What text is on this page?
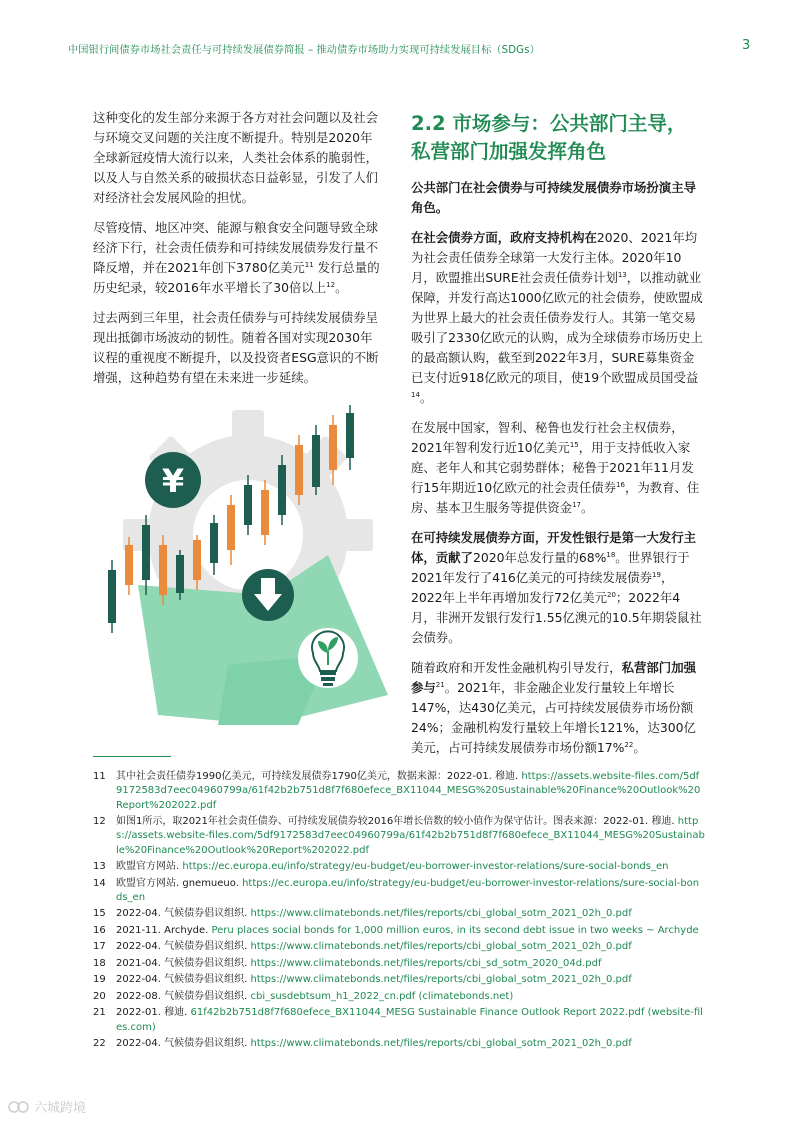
中国银行间债券市场社会责任与可持续发展债券简报 – 推动债券市场助力实现可持续发展目标（SDGs）	3

这种变化的发生部分来源于各方对社会问题以及社会与环境交叉问题的关注度不断提升。特别是2020年全球新冠疫情大流行以来，人类社会体系的脆弱性，以及人与自然关系的破损状态日益彰显，引发了人们对经济社会发展风险的担忧。

尽管疫情、地区冲突、能源与粮食安全问题导致全球经济下行，社会责任债券和可持续发展债券发行量不降反增，并在2021年创下3780亿美元$^{11}$ 发行总量的历史纪录，较2016年水平增长了30倍以上$^{12}$。

过去两到三年里，社会责任债券与可持续发展债券呈现出抵御市场波动的韧性。随着各国对实现2030年议程的重视度不断提升，以及投资者ESG意识的不断增强，这种趋势有望在未来进一步延续。

¥
2.2 市场参与：公共部门主导，私营部门加强发挥角色

公共部门在社会债券与可持续发展债券市场扮演主导角色。

在社会债券方面，政府支持机构在2020、2021年均为社会责任债券全球第一大发行主体。2020年10月，欧盟推出SURE社会责任债券计划$^{13}$，以推动就业保障，并发行高达1000亿欧元的社会债券，使欧盟成为世界上最大的社会责任债券发行人。其第一笔交易吸引了2330亿欧元的认购，成为全球债券市场历史上的最高额认购，截至到2022年3月，SURE募集资金已支付近918亿欧元的项目，使19个欧盟成员国受益$^{14}$。

在发展中国家，智利、秘鲁也发行社会主权债券，2021年智利发行近10亿美元$^{15}$，用于支持低收入家庭、老年人和其它弱势群体；秘鲁于2021年11月发行15年期近10亿欧元的社会责任债券$^{16}$，为教育、住房、基本卫生服务等提供资金$^{17}$。

在可持续发展债券方面，开发性银行是第一大发行主体，贡献了2020年总发行量的68%$^{18}$。世界银行于2021年发行了416亿美元的可持续发展债券$^{19}$，2022年上半年再增加发行72亿美元$^{20}$；2022年4月，非洲开发银行发行1.55亿澳元的10.5年期袋鼠社会债券。

随着政府和开发性金融机构引导发行，私营部门加强参与$^{21}$。2021年，非金融企业发行量较上年增长147%，达430亿美元，占可持续发展债券市场份额24%；金融机构发行量较上年增长121%，达300亿美元，占可持续发展债券市场份额17%$^{22}$。

11	其中社会责任债券1990亿美元，可持续发展债券1790亿美元，数据来源：2022-01. 穆迪. https://assets.website-files.com/5df9172583d7eec04960799a/61f42b2b751d8f7f680efece_BX11044_MESG%20Sustainable%20Finance%20Outlook%20Report%202022.pdf
12	如图1所示，取2021年社会责任债券、可持续发展债券较2016年增长倍数的较小值作为保守估计。图表来源：2022-01. 穆迪. https://assets.website-files.com/5df9172583d7eec04960799a/61f42b2b751d8f7f680efece_BX11044_MESG%20Sustainable%20Finance%20Outlook%20Report%202022.pdf
13	欧盟官方网站. https://ec.europa.eu/info/strategy/eu-budget/eu-borrower-investor-relations/sure-social-bonds_en
14	欧盟官方网站. gnemueuo. https://ec.europa.eu/info/strategy/eu-budget/eu-borrower-investor-relations/sure-social-bonds_en
15	2022-04. 气候债券倡议组织. https://www.climatebonds.net/files/reports/cbi_global_sotm_2021_02h_0.pdf
16	2021-11. Archyde. Peru places social bonds for 1,000 million euros, in its second debt issue in two weeks ~ Archyde
17	2022-04. 气候债券倡议组织. https://www.climatebonds.net/files/reports/cbi_global_sotm_2021_02h_0.pdf
18	2021-04. 气候债券倡议组织. https://www.climatebonds.net/files/reports/cbi_sd_sotm_2020_04d.pdf
19	2022-04. 气候债券倡议组织. https://www.climatebonds.net/files/reports/cbi_global_sotm_2021_02h_0.pdf
20	2022-08. 气候债券倡议组织. cbi_susdebtsum_h1_2022_cn.pdf (climatebonds.net)
21	2022-01. 穆迪. 61f42b2b751d8f7f680efece_BX11044_MESG Sustainable Finance Outlook Report 2022.pdf (website-files.com)
22	2022-04. 气候债券倡议组织. https://www.climatebonds.net/files/reports/cbi_global_sotm_2021_02h_0.pdf
六城跨境
